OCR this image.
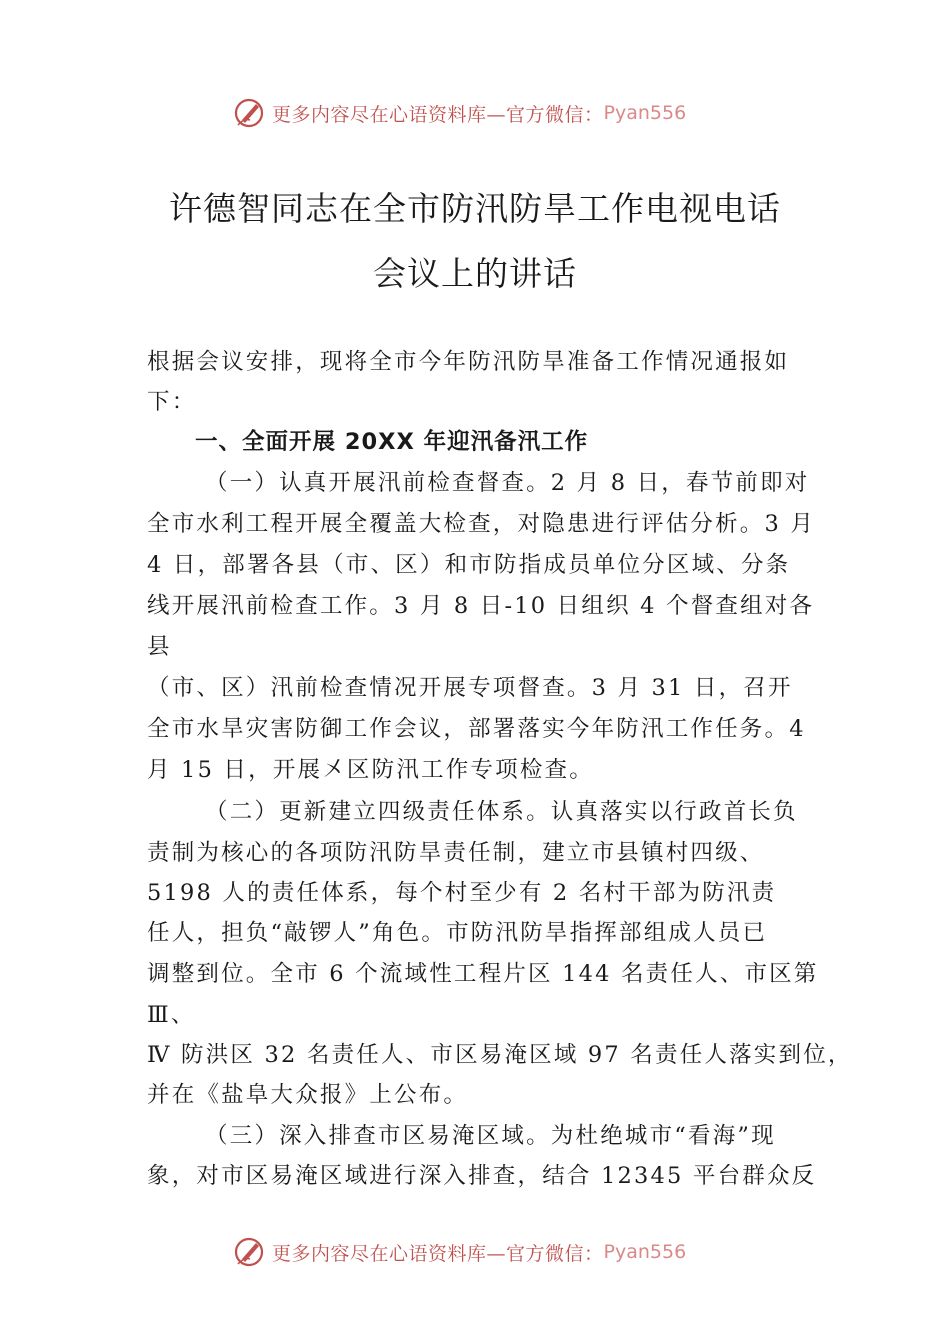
更多内容尽在心语资料库—官方微信： Pyan556
许德智同志在全市防汛防旱工作电视电话
会议上的讲话
根据会议安排，现将全市今年防汛防旱准备工作情况通报如
下：
一、全面开展 20XX 年迎汛备汛工作
（一）认真开展汛前检查督查。2 月 8 日，春节前即对
全市水利工程开展全覆盖大检查，对隐患进行评估分析。3 月
4 日，部署各县（市、区）和市防指成员单位分区域、分条
线开展汛前检查工作。3 月 8 日-10 日组织 4 个督查组对各
县
（市、区）汛前检查情况开展专项督查。3 月 31 日，召开
全市水旱灾害防御工作会议，部署落实今年防汛工作任务。4
月 15 日，开展㐅区防汛工作专项检查。
（二）更新建立四级责任体系。认真落实以行政首长负
责制为核心的各项防汛防旱责任制，建立市县镇村四级、
5198 人的责任体系，每个村至少有 2 名村干部为防汛责
任人，担负“敲锣人”角色。市防汛防旱指挥部组成人员已
调整到位。全市 6 个流域性工程片区 144 名责任人、市区第
Ⅲ、
Ⅳ 防洪区 32 名责任人、市区易淹区域 97 名责任人落实到位，
并在《盐阜大众报》上公布。
（三）深入排查市区易淹区域。为杜绝城市“看海”现
象，对市区易淹区域进行深入排查，结合 12345 平台群众反
更多内容尽在心语资料库—官方微信： Pyan556
